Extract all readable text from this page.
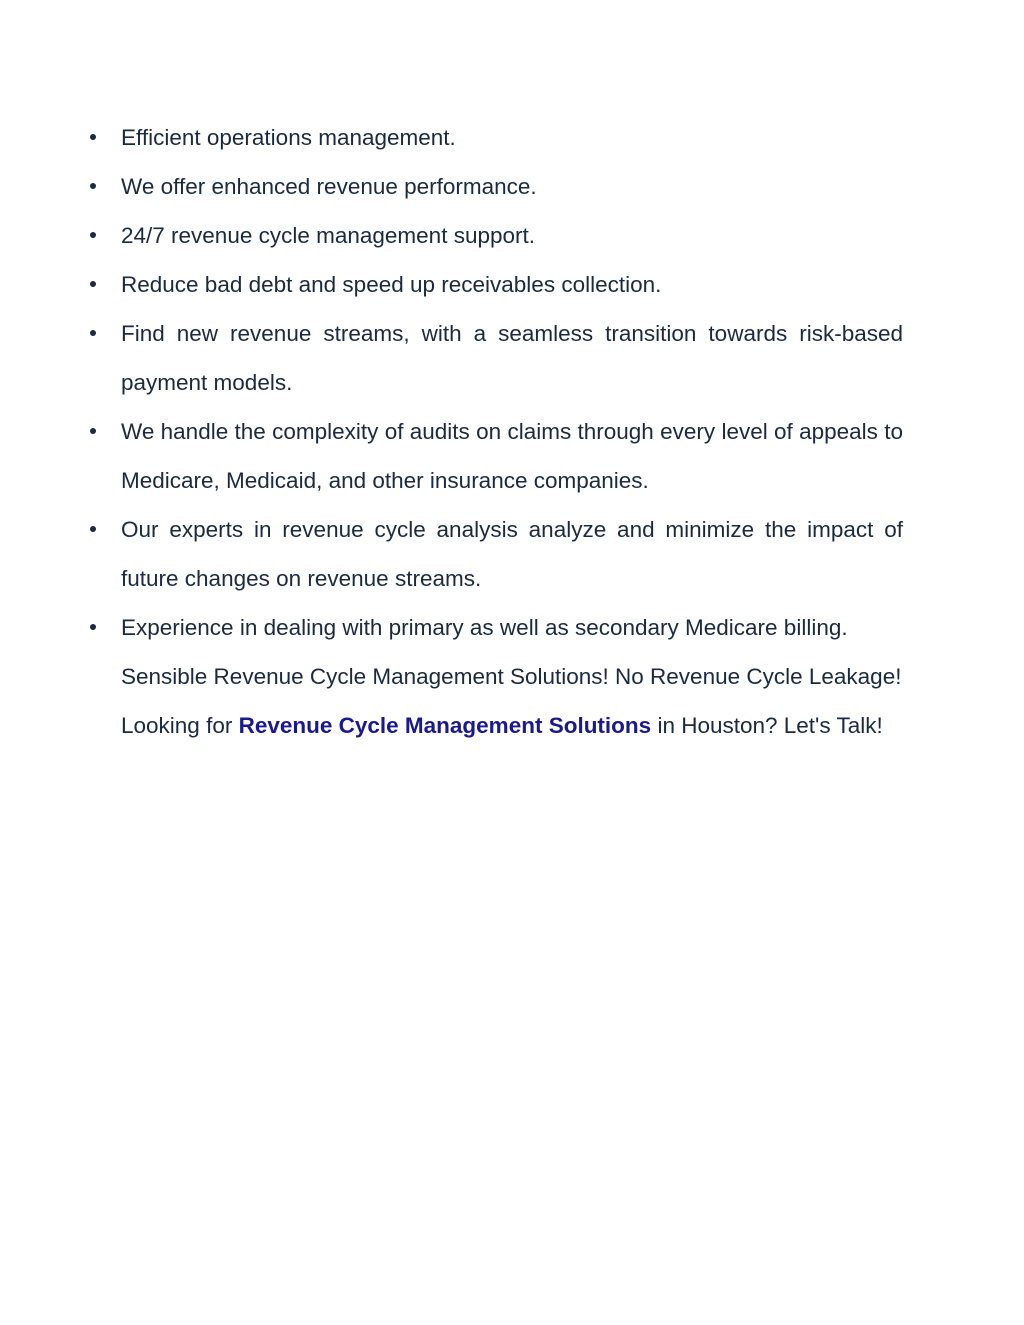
Efficient operations management.
We offer enhanced revenue performance.
24/7 revenue cycle management support.
Reduce bad debt and speed up receivables collection.
Find new revenue streams, with a seamless transition towards risk-based payment models.
We handle the complexity of audits on claims through every level of appeals to Medicare, Medicaid, and other insurance companies.
Our experts in revenue cycle analysis analyze and minimize the impact of future changes on revenue streams.
Experience in dealing with primary as well as secondary Medicare billing.

Sensible Revenue Cycle Management Solutions! No Revenue Cycle Leakage!

Looking for Revenue Cycle Management Solutions in Houston? Let's Talk!
